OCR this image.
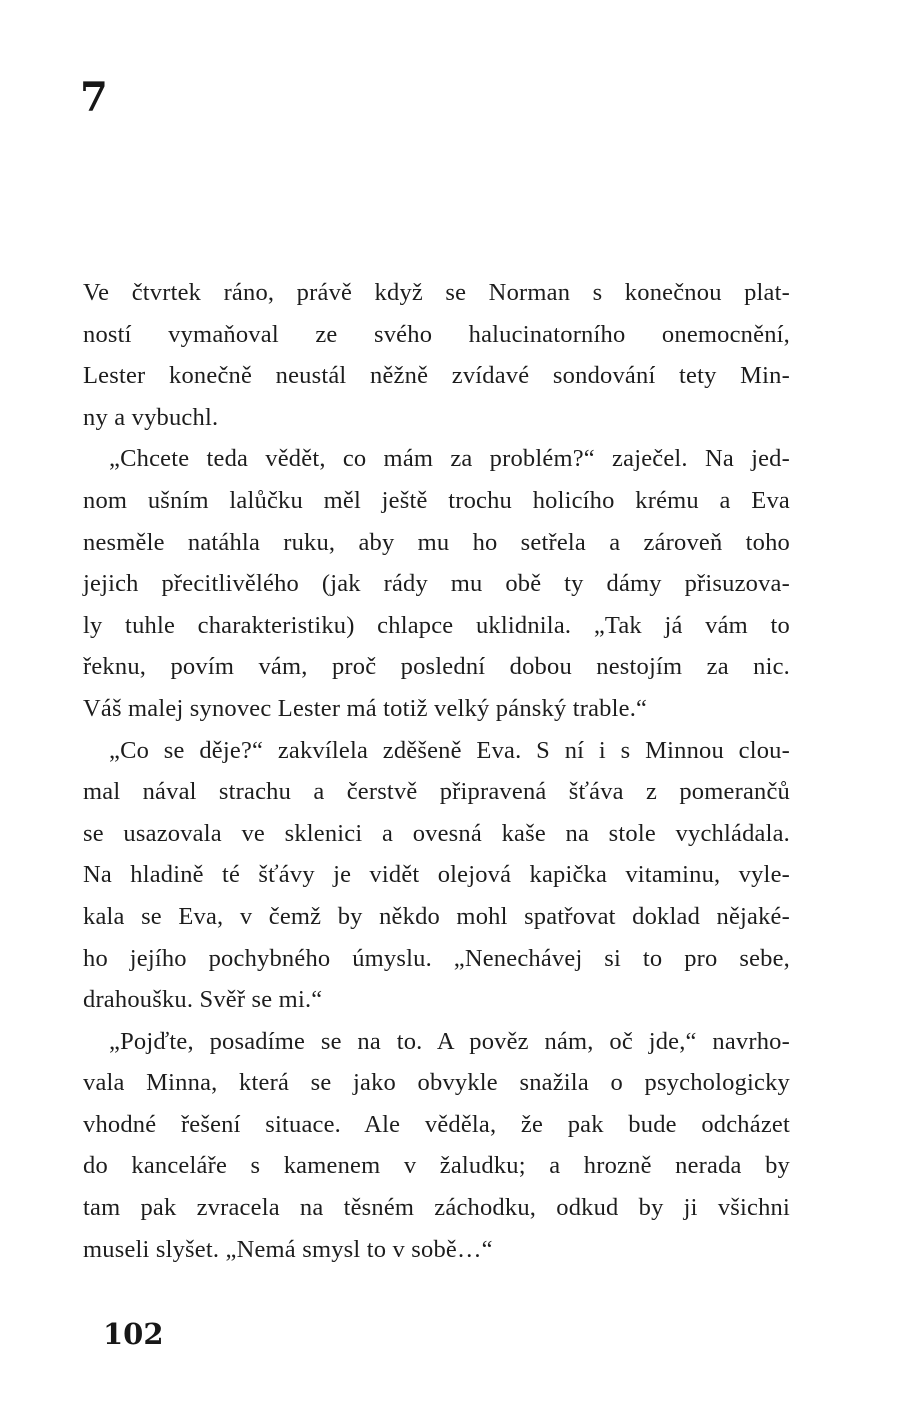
7
Ve čtvrtek ráno, právě když se Norman s konečnou plat-
ností vymaňoval ze svého halucinatorního onemocnění,
Lester konečně neustál něžně zvídavé sondování tety Min-
ny a vybuchl.
„Chcete teda vědět, co mám za problém?“ zaječel. Na jed-
nom ušním lalůčku měl ještě trochu holicího krému a Eva
nesměle natáhla ruku, aby mu ho setřela a zároveň toho
jejich přecitlivělého (jak rády mu obě ty dámy přisuzova-
ly tuhle charakteristiku) chlapce uklidnila. „Tak já vám to
řeknu, povím vám, proč poslední dobou nestojím za nic.
Váš malej synovec Lester má totiž velký pánský trable.“
„Co se děje?“ zakvílela zděšeně Eva. S ní i s Minnou clou-
mal nával strachu a čerstvě připravená šťáva z pomerančů
se usazovala ve sklenici a ovesná kaše na stole vychládala.
Na hladině té šťávy je vidět olejová kapička vitaminu, vyle-
kala se Eva, v čemž by někdo mohl spatřovat doklad nějaké-
ho jejího pochybného úmyslu. „Nenechávej si to pro sebe,
drahoušku. Svěř se mi.“
„Pojďte, posadíme se na to. A pověz nám, oč jde,“ navrho-
vala Minna, která se jako obvykle snažila o psychologicky
vhodné řešení situace. Ale věděla, že pak bude odcházet
do kanceláře s kamenem v žaludku; a hrozně nerada by
tam pak zvracela na těsném záchodku, odkud by ji všichni
museli slyšet. „Nemá smysl to v sobě…“
102
